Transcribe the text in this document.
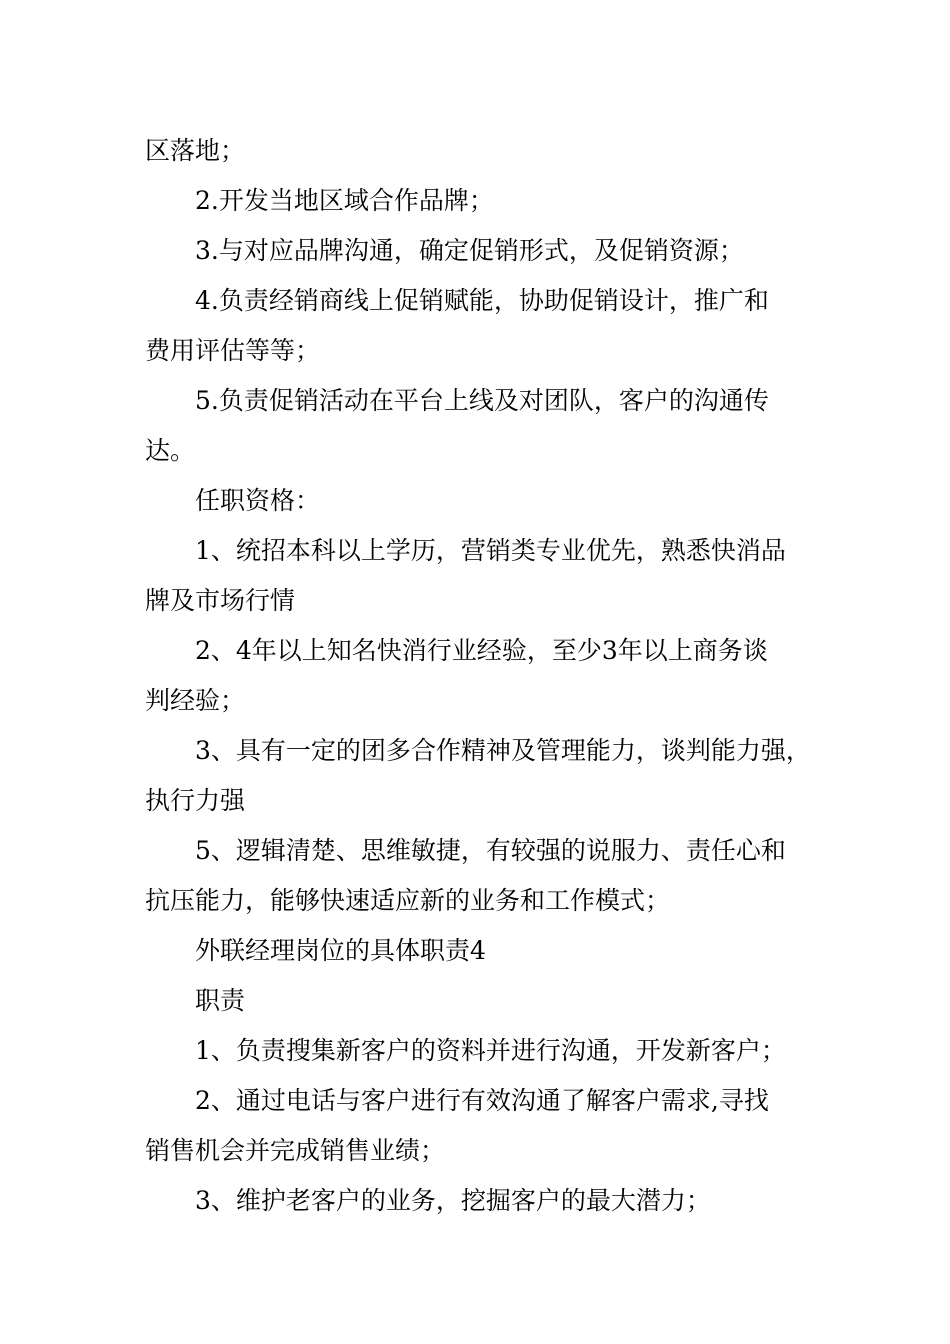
区落地；
2.开发当地区域合作品牌；
3.与对应品牌沟通，确定促销形式，及促销资源；
4.负责经销商线上促销赋能，协助促销设计，推广和
费用评估等等；
5.负责促销活动在平台上线及对团队，客户的沟通传
达。
任职资格：
1、统招本科以上学历，营销类专业优先，熟悉快消品
牌及市场行情
2、4年以上知名快消行业经验，至少3年以上商务谈
判经验；
3、具有一定的团多合作精神及管理能力，谈判能力强，
执行力强
5、逻辑清楚、思维敏捷，有较强的说服力、责任心和
抗压能力，能够快速适应新的业务和工作模式；
外联经理岗位的具体职责4
职责
1、负责搜集新客户的资料并进行沟通，开发新客户；
2、通过电话与客户进行有效沟通了解客户需求,寻找
销售机会并完成销售业绩；
3、维护老客户的业务，挖掘客户的最大潜力；
